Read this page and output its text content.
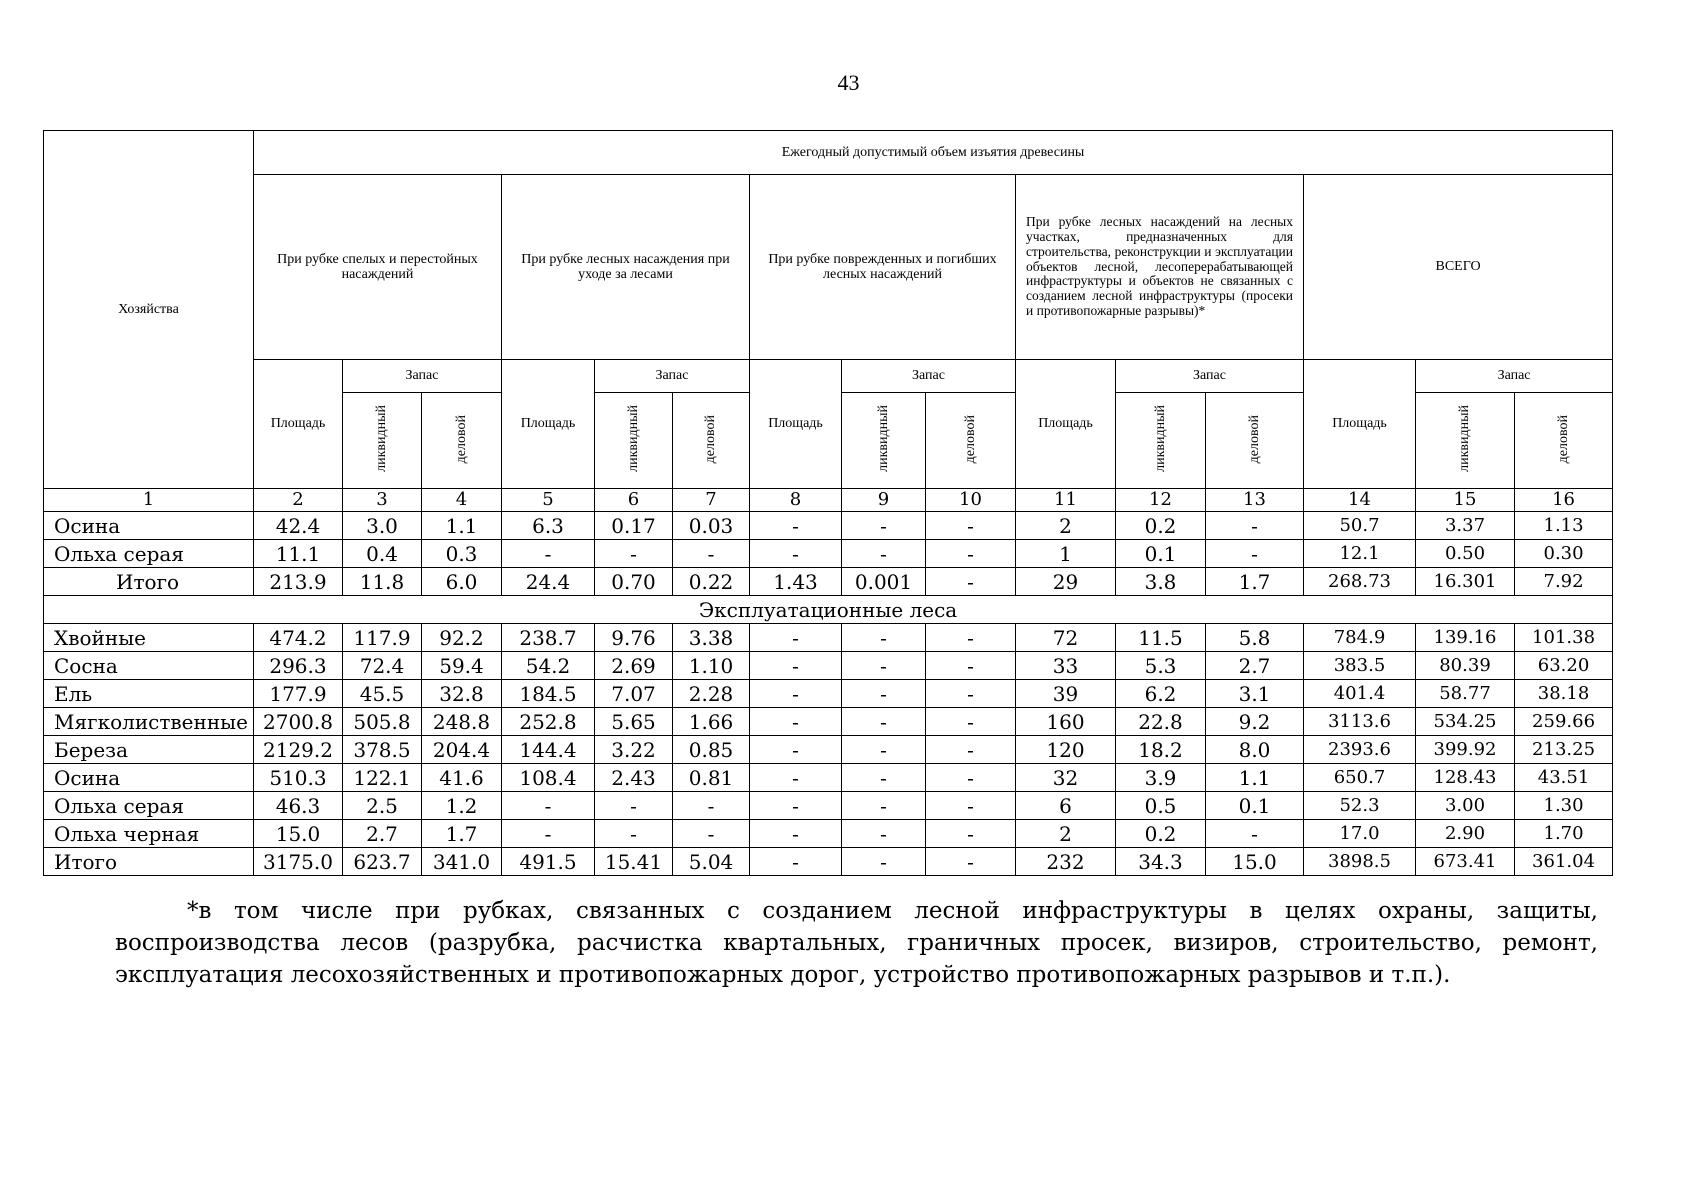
43
Хозяйства	Ежегодный допустимый объем изъятия древесины														
	При рубке спелых и перестойных насаждений			При рубке лесных насаждения при уходе за лесами			При рубке поврежденных и погибших лесных насаждений			При рубке лесных насаждений на лесных участках, предназначенных для строительства, реконструкции и эксплуатации объектов лесной, лесоперерабатывающей инфраструктуры и объектов не связанных с созданием лесной инфраструктуры (просеки и противопожарные разрывы)*			ВСЕГО		
	Площадь	Запас		Площадь	Запас		Площадь	Запас		Площадь	Запас		Площадь	Запас	
		ликвидный	деловой		ликвидный	деловой		ликвидный	деловой		ликвидный	деловой		ликвидный	деловой
1	2	3	4	5	6	7	8	9	10	11	12	13	14	15	16
Осина	42.4	3.0	1.1	6.3	0.17	0.03	-	-	-	2	0.2	-	50.7	3.37	1.13
Ольха серая	11.1	0.4	0.3	-	-	-	-	-	-	1	0.1	-	12.1	0.50	0.30
Итого	213.9	11.8	6.0	24.4	0.70	0.22	1.43	0.001	-	29	3.8	1.7	268.73	16.301	7.92
Эксплуатационные леса															
Хвойные	474.2	117.9	92.2	238.7	9.76	3.38	-	-	-	72	11.5	5.8	784.9	139.16	101.38
Сосна	296.3	72.4	59.4	54.2	2.69	1.10	-	-	-	33	5.3	2.7	383.5	80.39	63.20
Ель	177.9	45.5	32.8	184.5	7.07	2.28	-	-	-	39	6.2	3.1	401.4	58.77	38.18
Мягколиственные	2700.8	505.8	248.8	252.8	5.65	1.66	-	-	-	160	22.8	9.2	3113.6	534.25	259.66
Береза	2129.2	378.5	204.4	144.4	3.22	0.85	-	-	-	120	18.2	8.0	2393.6	399.92	213.25
Осина	510.3	122.1	41.6	108.4	2.43	0.81	-	-	-	32	3.9	1.1	650.7	128.43	43.51
Ольха серая	46.3	2.5	1.2	-	-	-	-	-	-	6	0.5	0.1	52.3	3.00	1.30
Ольха черная	15.0	2.7	1.7	-	-	-	-	-	-	2	0.2	-	17.0	2.90	1.70
Итого	3175.0	623.7	341.0	491.5	15.41	5.04	-	-	-	232	34.3	15.0	3898.5	673.41	361.04
*в том числе при рубках, связанных с созданием лесной инфраструктуры в целях охраны, защиты, воспроизводства лесов (разрубка, расчистка квартальных, граничных просек, визиров, строительство, ремонт, эксплуатация лесохозяйственных и противопожарных дорог, устройство противопожарных разрывов и т.п.).
